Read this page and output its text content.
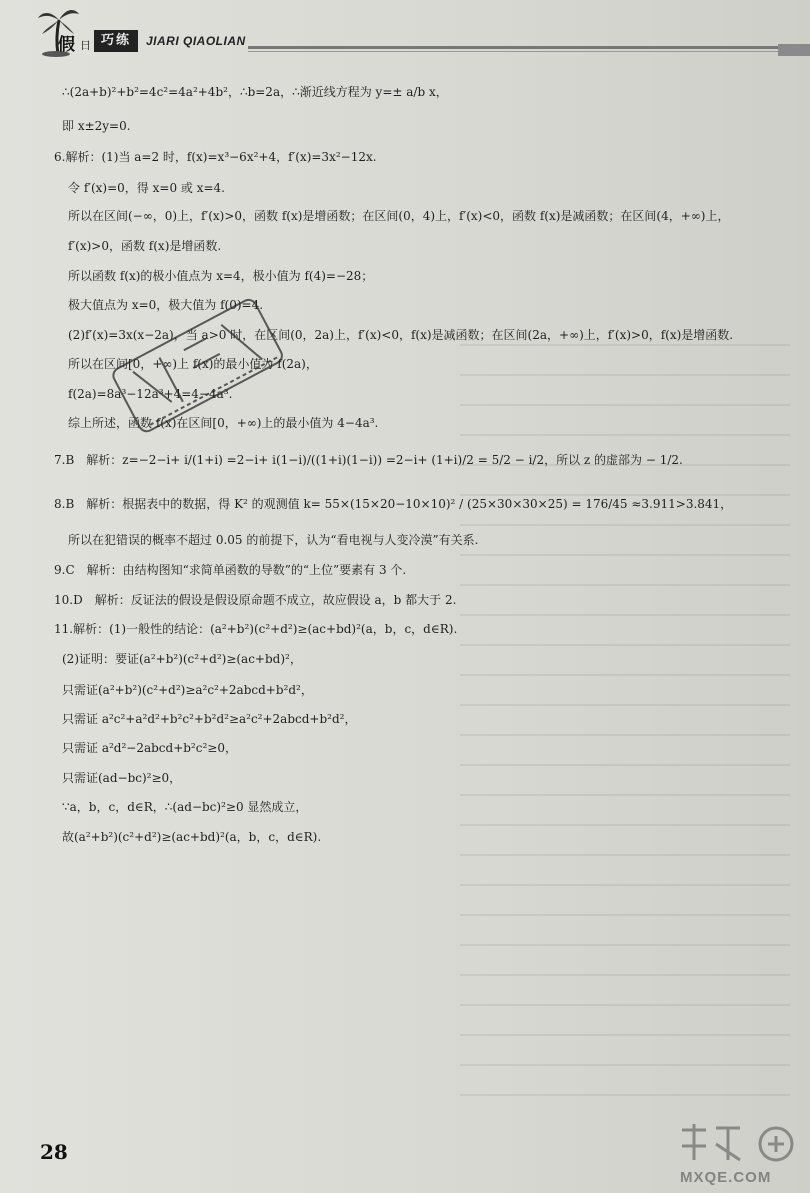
假 日 巧练	JIARI QIAOLIAN
∴(2a+b)²+b²=4c²=4a²+4b²，∴b=2a，∴渐近线方程为 y=± a/b x，
即 x±2y=0.
6.解析：(1)当 a=2 时，f(x)=x³−6x²+4，f′(x)=3x²−12x.
令 f′(x)=0，得 x=0 或 x=4.
所以在区间(−∞，0)上，f′(x)>0，函数 f(x)是增函数；在区间(0，4)上，f′(x)<0，函数 f(x)是减函数；在区间(4，+∞)上，
f′(x)>0，函数 f(x)是增函数.
所以函数 f(x)的极小值点为 x=4，极小值为 f(4)=−28；
极大值点为 x=0，极大值为 f(0)=4.
(2)f′(x)=3x(x−2a)，当 a>0 时，在区间(0，2a)上，f′(x)<0，f(x)是减函数；在区间(2a，+∞)上，f′(x)>0，f(x)是增函数.
所以在区间[0，+∞)上 f(x)的最小值为 f(2a)，
f(2a)=8a³−12a³+4=4−4a³.
综上所述，函数 f(x)在区间[0，+∞)上的最小值为 4−4a³.
7.B　解析：z=−2−i+ i/(1+i) =2−i+ i(1−i)/((1+i)(1−i)) =2−i+ (1+i)/2 = 5/2 − i/2，所以 z 的虚部为 − 1/2.
8.B　解析：根据表中的数据，得 K² 的观测值 k= 55×(15×20−10×10)² / (25×30×30×25) = 176/45 ≈3.911>3.841，
所以在犯错误的概率不超过 0.05 的前提下，认为“看电视与人变冷漠”有关系.
9.C　解析：由结构图知“求简单函数的导数”的“上位”要素有 3 个.
10.D　解析：反证法的假设是假设原命题不成立，故应假设 a，b 都大于 2.
11.解析：(1)一般性的结论：(a²+b²)(c²+d²)≥(ac+bd)²(a，b，c，d∈R).
(2)证明：要证(a²+b²)(c²+d²)≥(ac+bd)²，
只需证(a²+b²)(c²+d²)≥a²c²+2abcd+b²d²，
只需证 a²c²+a²d²+b²c²+b²d²≥a²c²+2abcd+b²d²，
只需证 a²d²−2abcd+b²c²≥0，
只需证(ad−bc)²≥0，
∵a，b，c，d∈R，∴(ad−bc)²≥0 显然成立，
故(a²+b²)(c²+d²)≥(ac+bd)²(a，b，c，d∈R).
28
MXQE.COM
